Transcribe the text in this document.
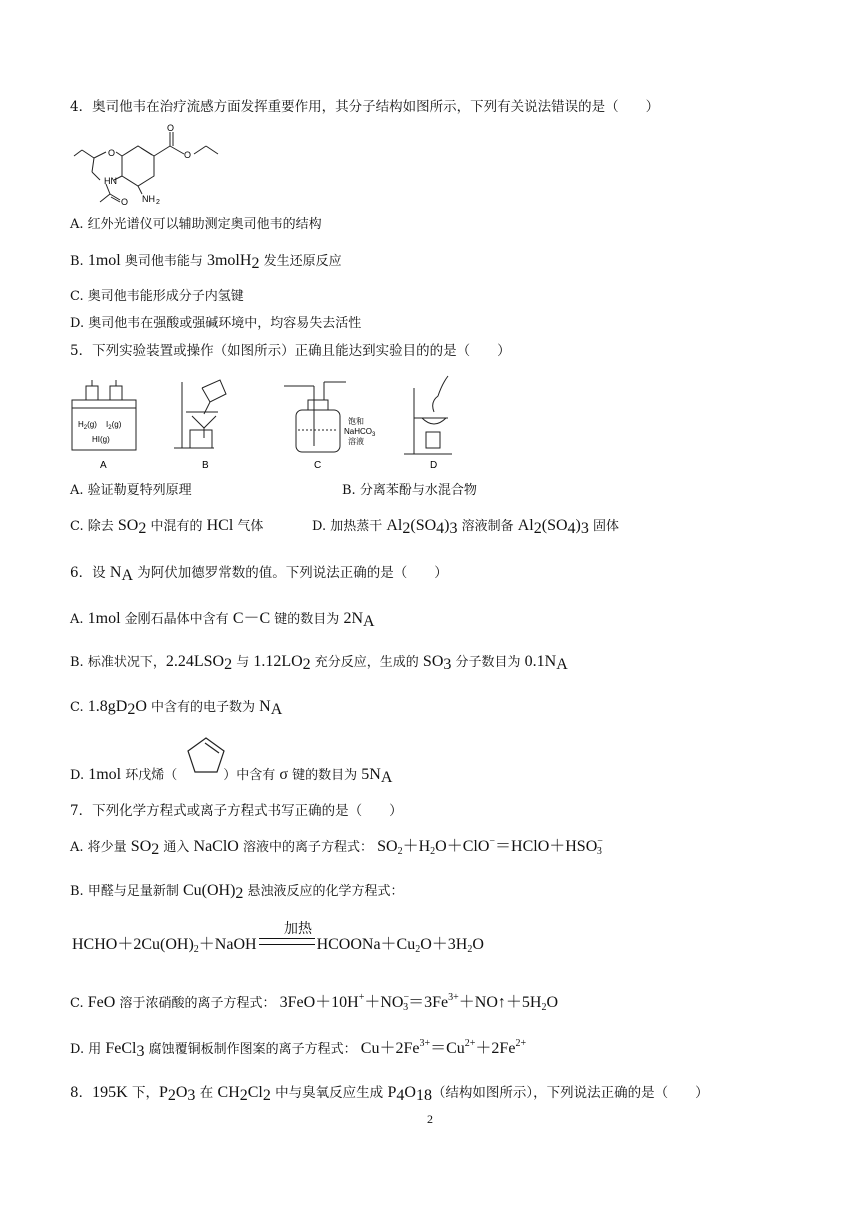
4．奥司他韦在治疗流感方面发挥重要作用，其分子结构如图所示，下列有关说法错误的是（　　）
O
O
O
HN
NH 2
O
A. 红外光谱仪可以辅助测定奥司他韦的结构
B. 1mol 奥司他韦能与 3molH$_2$ 发生还原反应
C. 奥司他韦能形成分子内氢键
D. 奥司他韦在强酸或强碱环境中，均容易失去活性
5．下列实验装置或操作（如图所示）正确且能达到实验目的的是（　　）
$H_2(g)$ $I_2(g)$
HI(g)
饱和
NaHCO$_3$
溶液
A	B	C	D
A. 验证勒夏特列原理	B. 分离苯酚与水混合物
C. 除去 $SO_2$ 中混有的 HCl 气体	D. 加热蒸干 $Al_2(SO_4)_3$ 溶液制备 $Al_2(SO_4)_3$ 固体
6．设 $N_A$ 为阿伏加德罗常数的值。下列说法正确的是（　　）
A. 1mol 金刚石晶体中含有 C－C 键的数目为 $2N_A$
B. 标准状况下，$2.24LSO_2$ 与 $1.12LO_2$ 充分反应，生成的 $SO_3$ 分子数目为 $0.1N_A$
C. $1.8gD_2O$ 中含有的电子数为 $N_A$
D. 1mol 环戊烯（	）中含有 σ 键的数目为 $5N_A$
7．下列化学方程式或离子方程式书写正确的是（　　）
A. 将少量 $SO_2$ 通入 NaClO 溶液中的离子方程式： $SO_2+H_2O+ClO^-=HClO+HSO^-_3$
B. 甲醛与足量新制 $Cu(OH)_2$ 悬浊液反应的化学方程式：
加热
$HCHO+2Cu(OH)_2+NaOH$	$HCOONa+Cu_2O+3H_2O$
C. FeO 溶于浓硝酸的离子方程式： $3FeO+10H^++NO^-_3=3Fe^{3+}+NO↑+5H_2O$
D. 用 FeCl$_3$ 腐蚀覆铜板制作图案的离子方程式： $Cu+2Fe^{3+}=Cu^{2+}+2Fe^{2+}$
8．195K 下，$P_2O_3$ 在 $CH_2Cl_2$ 中与臭氧反应生成 $P_4O_{18}$（结构如图所示），下列说法正确的是（　　）
2
